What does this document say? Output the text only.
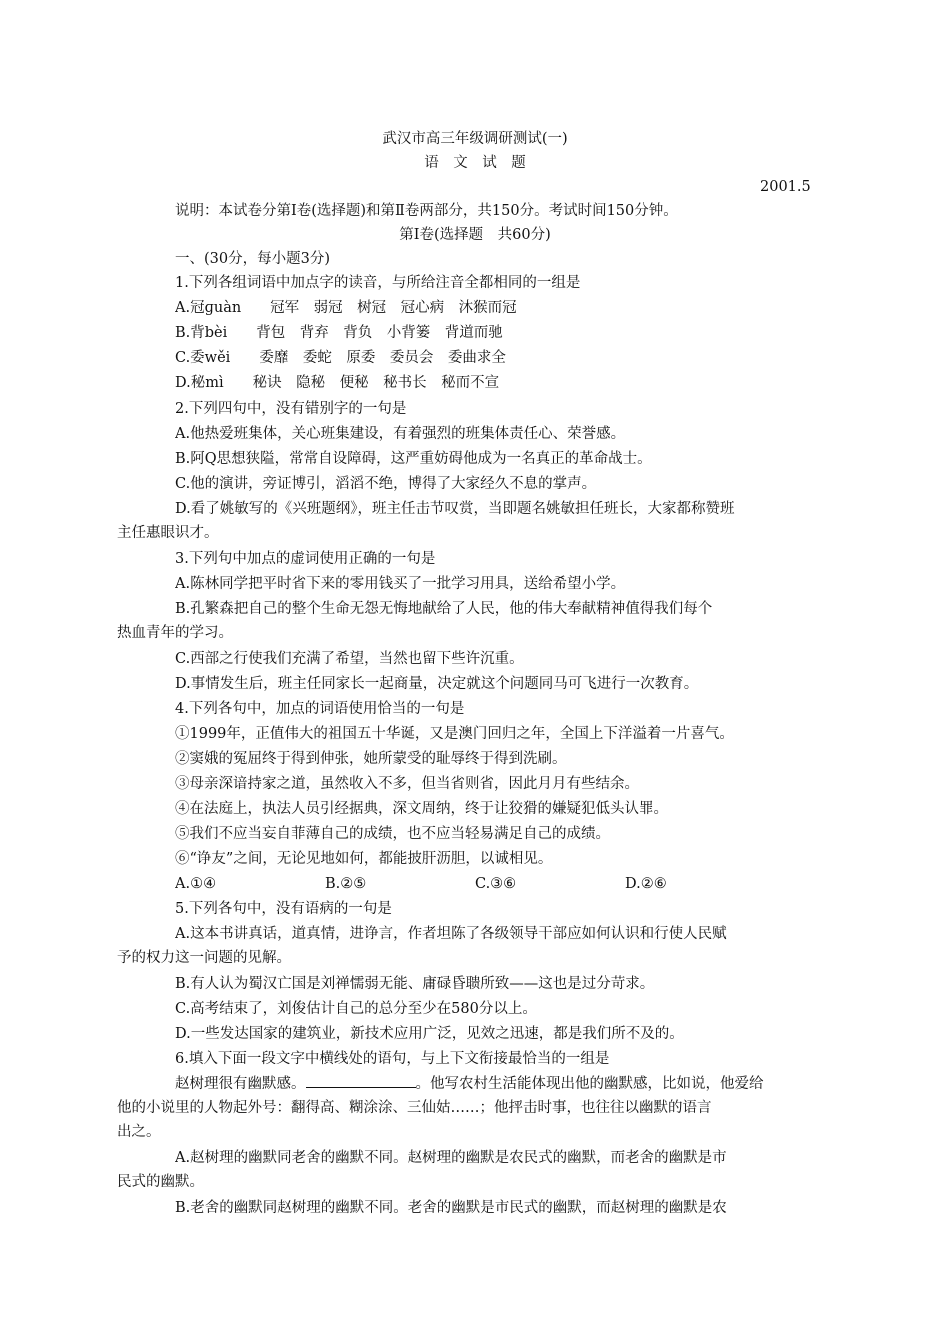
武汉市高三年级调研测试(一)
语　文　试　题
2001.5
说明：本试卷分第Ⅰ卷(选择题)和第Ⅱ卷两部分，共150分。考试时间150分钟。
第Ⅰ卷(选择题　共60分)
一、(30分，每小题3分)
1.下列各组词语中加点字的读音，与所给注音全都相同的一组是
A.冠ɡuàn　　冠军　弱冠　树冠　冠心病　沐猴而冠
B.背bèi　　背包　背弃　背负　小背篓　背道而驰
C.委wěi　　委靡　委蛇　原委　委员会　委曲求全
D.秘mì　　秘诀　隐秘　便秘　秘书长　秘而不宣
2.下列四句中，没有错别字的一句是
A.他热爱班集体，关心班集建设，有着强烈的班集体责任心、荣誉感。
B.阿Q思想狭隘，常常自设障碍，这严重妨碍他成为一名真正的革命战士。
C.他的演讲，旁证博引，滔滔不绝，博得了大家经久不息的掌声。
D.看了姚敏写的《兴班题纲》，班主任击节叹赏，当即题名姚敏担任班长，大家都称赞班
主任惠眼识才。
3.下列句中加点的虚词使用正确的一句是
A.陈林同学把平时省下来的零用钱买了一批学习用具，送给希望小学。
B.孔繁森把自己的整个生命无怨无悔地献给了人民，他的伟大奉献精神值得我们每个
热血青年的学习。
C.西部之行使我们充满了希望，当然也留下些许沉重。
D.事情发生后，班主任同家长一起商量，决定就这个问题同马可飞进行一次教育。
4.下列各句中，加点的词语使用恰当的一句是
①1999年，正值伟大的祖国五十华诞，又是澳门回归之年，全国上下洋溢着一片喜气。
②窦娥的冤屈终于得到伸张，她所蒙受的耻辱终于得到洗刷。
③母亲深谙持家之道，虽然收入不多，但当省则省，因此月月有些结余。
④在法庭上，执法人员引经据典，深文周纳，终于让狡猾的嫌疑犯低头认罪。
⑤我们不应当妄自菲薄自己的成绩，也不应当轻易满足自己的成绩。
⑥“诤友”之间，无论见地如何，都能披肝沥胆，以诚相见。
A.①④	B.②⑤	C.③⑥	D.②⑥
5.下列各句中，没有语病的一句是
A.这本书讲真话，道真情，进诤言，作者坦陈了各级领导干部应如何认识和行使人民赋
予的权力这一问题的见解。
B.有人认为蜀汉亡国是刘禅懦弱无能、庸碌昏聩所致——这也是过分苛求。
C.高考结束了，刘俊估计自己的总分至少在580分以上。
D.一些发达国家的建筑业，新技术应用广泛，见效之迅速，都是我们所不及的。
6.填入下面一段文字中横线处的语句，与上下文衔接最恰当的一组是
赵树理很有幽默感。	。他写农村生活能体现出他的幽默感，比如说，他爱给
他的小说里的人物起外号：翻得高、糊涂涂、三仙姑……；他抨击时事，也往往以幽默的语言
出之。
A.赵树理的幽默同老舍的幽默不同。赵树理的幽默是农民式的幽默，而老舍的幽默是市
民式的幽默。
B.老舍的幽默同赵树理的幽默不同。老舍的幽默是市民式的幽默，而赵树理的幽默是农
